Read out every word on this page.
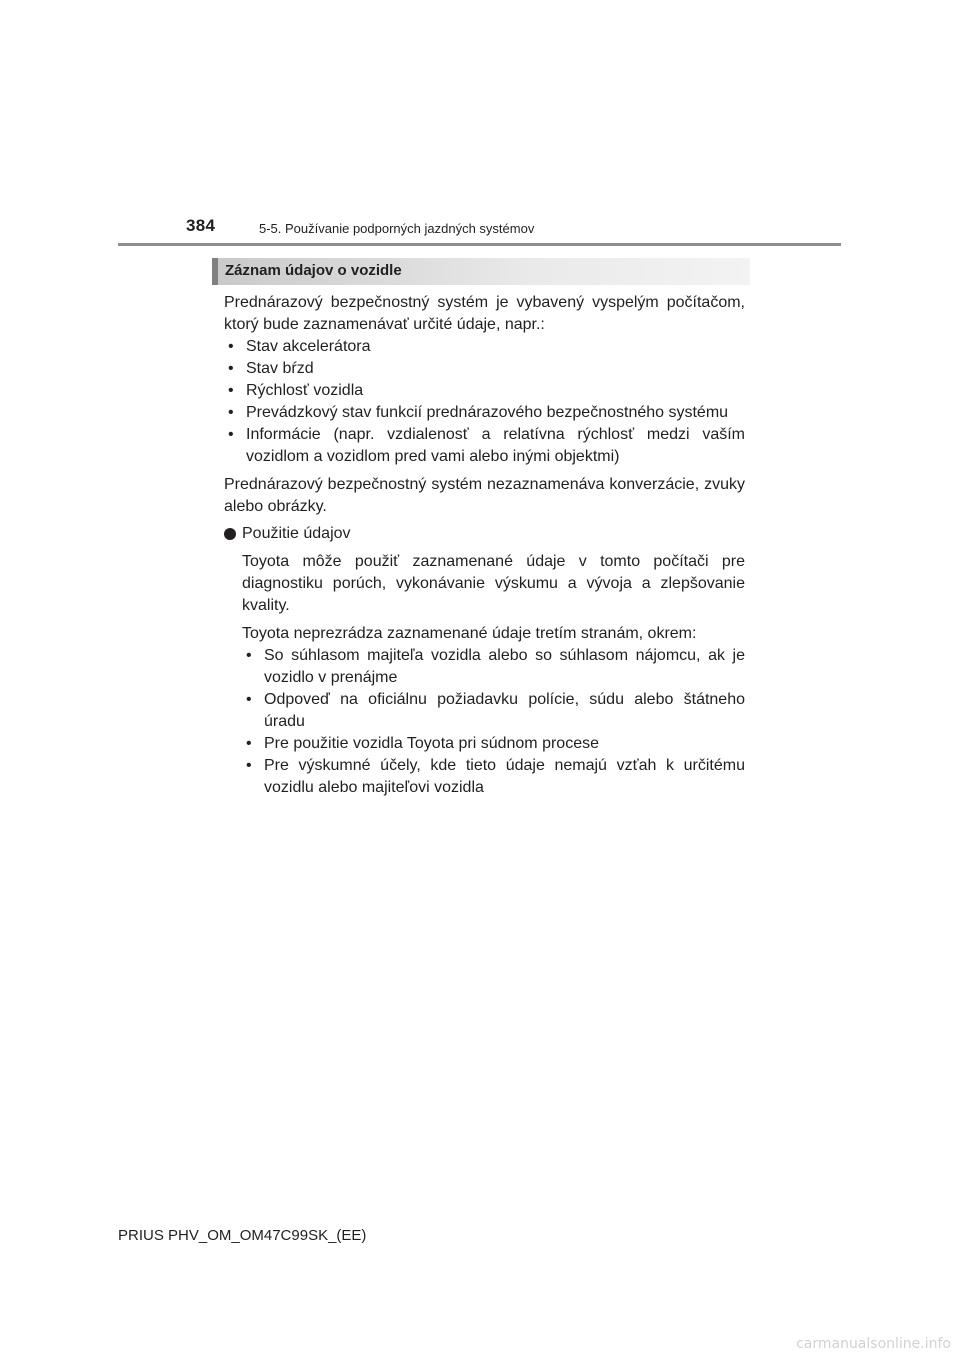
384	5-5. Používanie podporných jazdných systémov
Záznam údajov o vozidle

Prednárazový bezpečnostný systém je vybavený vyspelým počítačom, ktorý bude zaznamenávať určité údaje, napr.:

• Stav akcelerátora
• Stav bŕzd
• Rýchlosť vozidla
• Prevádzkový stav funkcií prednárazového bezpečnostného systému
• Informácie (napr. vzdialenosť a relatívna rýchlosť medzi vaším vozidlom a vozidlom pred vami alebo inými objektmi)

Prednárazový bezpečnostný systém nezaznamenáva konverzácie, zvuky alebo obrázky.

Použitie údajov

Toyota môže použiť zaznamenané údaje v tomto počítači pre diagnostiku porúch, vykonávanie výskumu a vývoja a zlepšovanie kvality.

Toyota neprezrádza zaznamenané údaje tretím stranám, okrem:

• So súhlasom majiteľa vozidla alebo so súhlasom nájomcu, ak je vozidlo v prenájme
• Odpoveď na oficiálnu požiadavku polície, súdu alebo štátneho úradu
• Pre použitie vozidla Toyota pri súdnom procese
• Pre výskumné účely, kde tieto údaje nemajú vzťah k určitému vozidlu alebo majiteľovi vozidla
PRIUS PHV_OM_OM47C99SK_(EE)
carmanualsonline.info
